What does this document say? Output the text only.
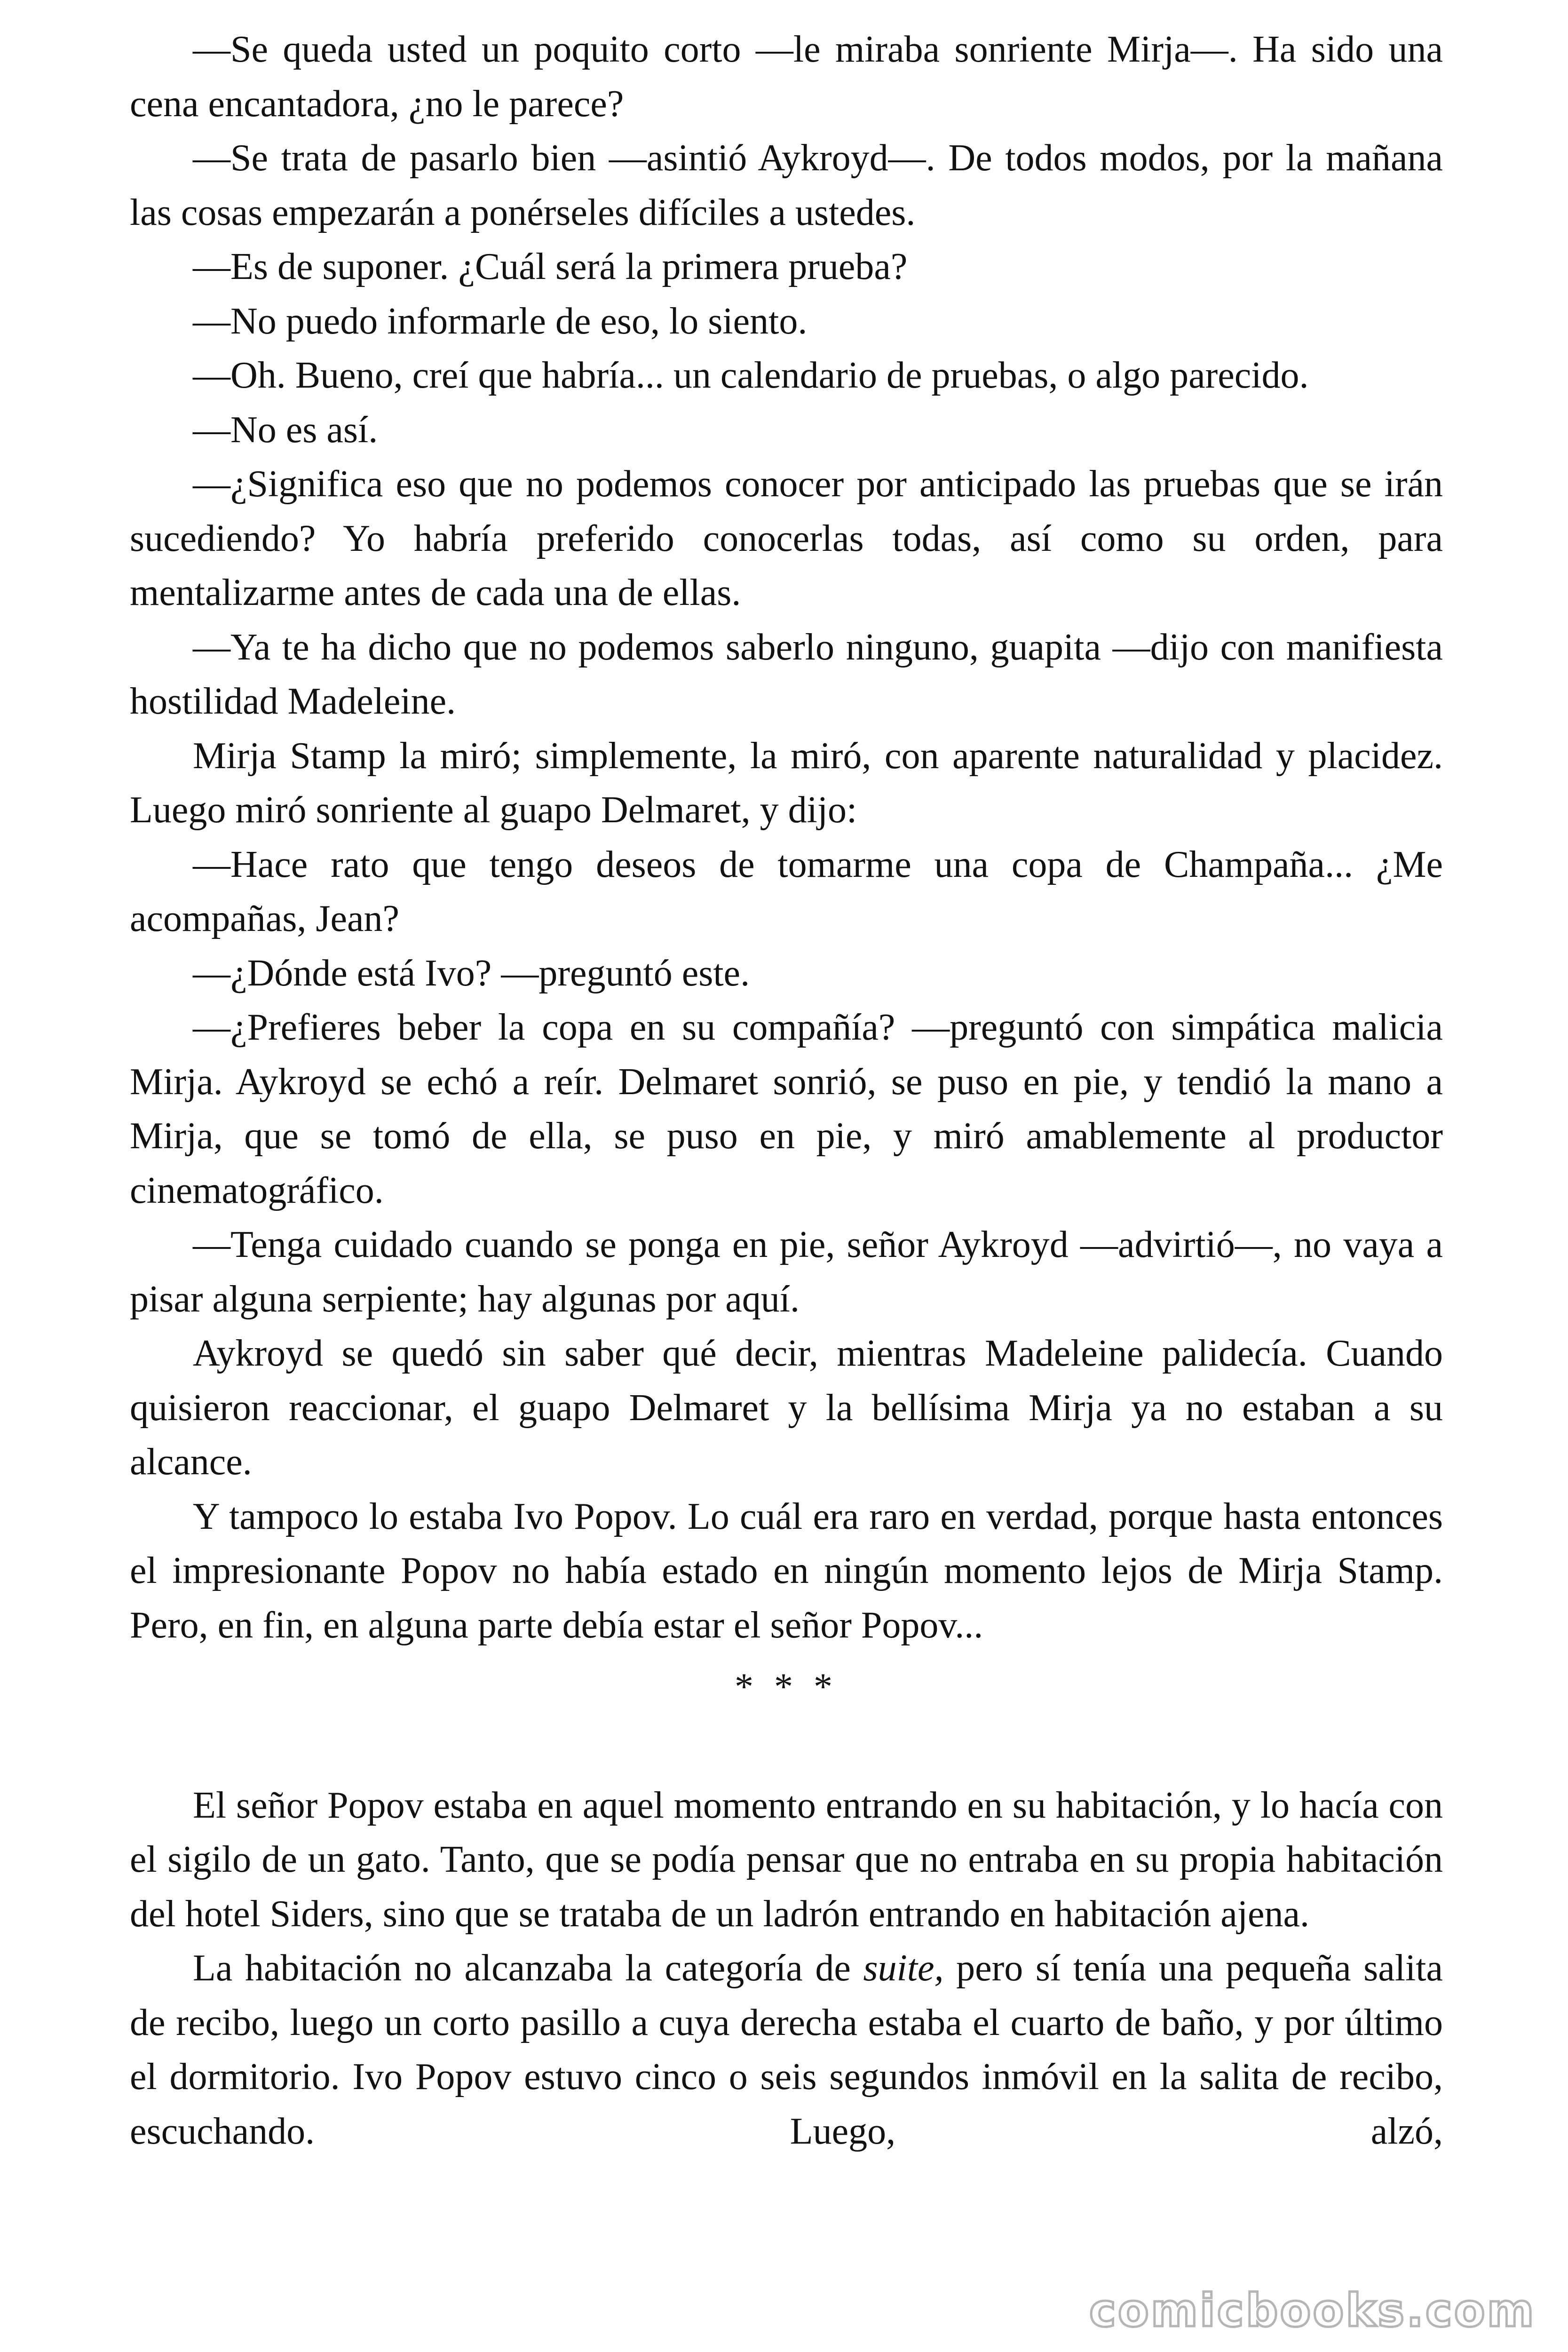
—Se queda usted un poquito corto —le miraba sonriente Mirja—. Ha sido una cena encantadora, ¿no le parece?

—Se trata de pasarlo bien —asintió Aykroyd—. De todos modos, por la mañana las cosas empezarán a ponérseles difíciles a ustedes.

—Es de suponer. ¿Cuál será la primera prueba?

—No puedo informarle de eso, lo siento.

—Oh. Bueno, creí que habría... un calendario de pruebas, o algo parecido.

—No es así.

—¿Significa eso que no podemos conocer por anticipado las pruebas que se irán sucediendo? Yo habría preferido conocerlas todas, así como su orden, para mentalizarme antes de cada una de ellas.

—Ya te ha dicho que no podemos saberlo ninguno, guapita —dijo con manifiesta hostilidad Madeleine.

Mirja Stamp la miró; simplemente, la miró, con aparente naturalidad y placidez. Luego miró sonriente al guapo Delmaret, y dijo:

—Hace rato que tengo deseos de tomarme una copa de Champaña... ¿Me acompañas, Jean?

—¿Dónde está Ivo? —preguntó este.

—¿Prefieres beber la copa en su compañía? —preguntó con simpática malicia Mirja. Aykroyd se echó a reír. Delmaret sonrió, se puso en pie, y tendió la mano a Mirja, que se tomó de ella, se puso en pie, y miró amablemente al productor cinematográfico.

—Tenga cuidado cuando se ponga en pie, señor Aykroyd —advirtió—, no vaya a pisar alguna serpiente; hay algunas por aquí.

Aykroyd se quedó sin saber qué decir, mientras Madeleine palidecía. Cuando quisieron reaccionar, el guapo Delmaret y la bellísima Mirja ya no estaban a su alcance.

Y tampoco lo estaba Ivo Popov. Lo cuál era raro en verdad, porque hasta entonces el impresionante Popov no había estado en ningún momento lejos de Mirja Stamp. Pero, en fin, en alguna parte debía estar el señor Popov...

* * *

El señor Popov estaba en aquel momento entrando en su habitación, y lo hacía con el sigilo de un gato. Tanto, que se podía pensar que no entraba en su propia habitación del hotel Siders, sino que se trataba de un ladrón entrando en habitación ajena.

La habitación no alcanzaba la categoría de suite, pero sí tenía una pequeña salita de recibo, luego un corto pasillo a cuya derecha estaba el cuarto de baño, y por último el dormitorio. Ivo Popov estuvo cinco o seis segundos inmóvil en la salita de recibo, escuchando. Luego, alzó,

comicbooks.com
